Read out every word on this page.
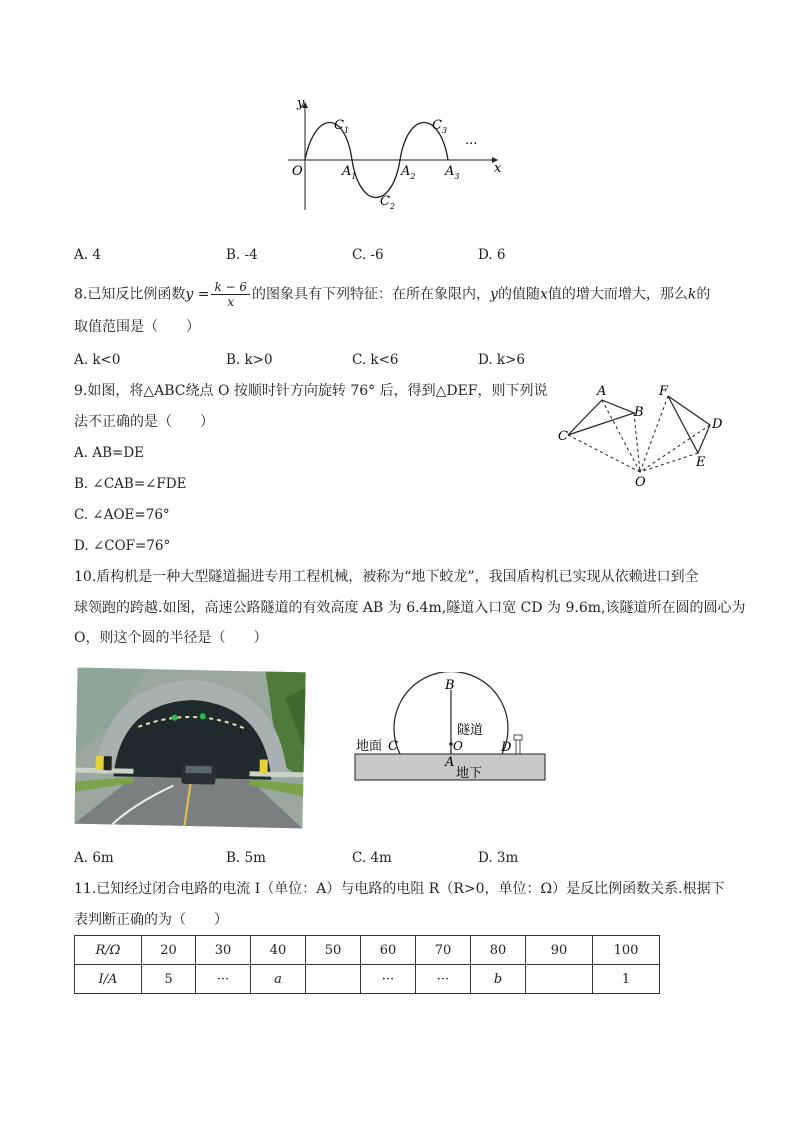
y
x
O
$C_1$
$C_2$
$C_3$
$A_1$	$A_2$ $A_3$
...
A. 4	B. -4	C. -6	D. 6
8.已知反比例函数$y = \frac{k - 6}{x}$ 的图象具有下列特征：在所在象限内，y的值随x值的增大而增大，那么k的
取值范围是（　　）
A. k<0	B. k>0	C. k<6	D. k>6
9.如图，将△ABC绕点 O 按顺时针方向旋转 76° 后，得到△DEF，则下列说
法不正确的是（　　）
A. AB=DE
B. ∠CAB=∠FDE
C. ∠AOE=76°
D. ∠COF=76°
A
B
C
F
D
E
O
10.盾构机是一种大型隧道掘进专用工程机械，被称为“地下蛟龙”，我国盾构机已实现从依赖进口到全
球领跑的跨越.如图，高速公路隧道的有效高度 AB 为 6.4m,隧道入口宽 CD 为 9.6m,该隧道所在圆的圆心为
O，则这个圆的半径是（　　）
B
隧道
地面 C	O	D
A
地下
A. 6m	B. 5m	C. 4m	D. 3m
11.已知经过闭合电路的电流 I（单位：A）与电路的电阻 R（R>0，单位：Ω）是反比例函数关系.根据下
表判断正确的为（　　）
R/Ω	20	30	40	50	60	70	80	90	100
I/A	5	···	a		···	···	b		1
